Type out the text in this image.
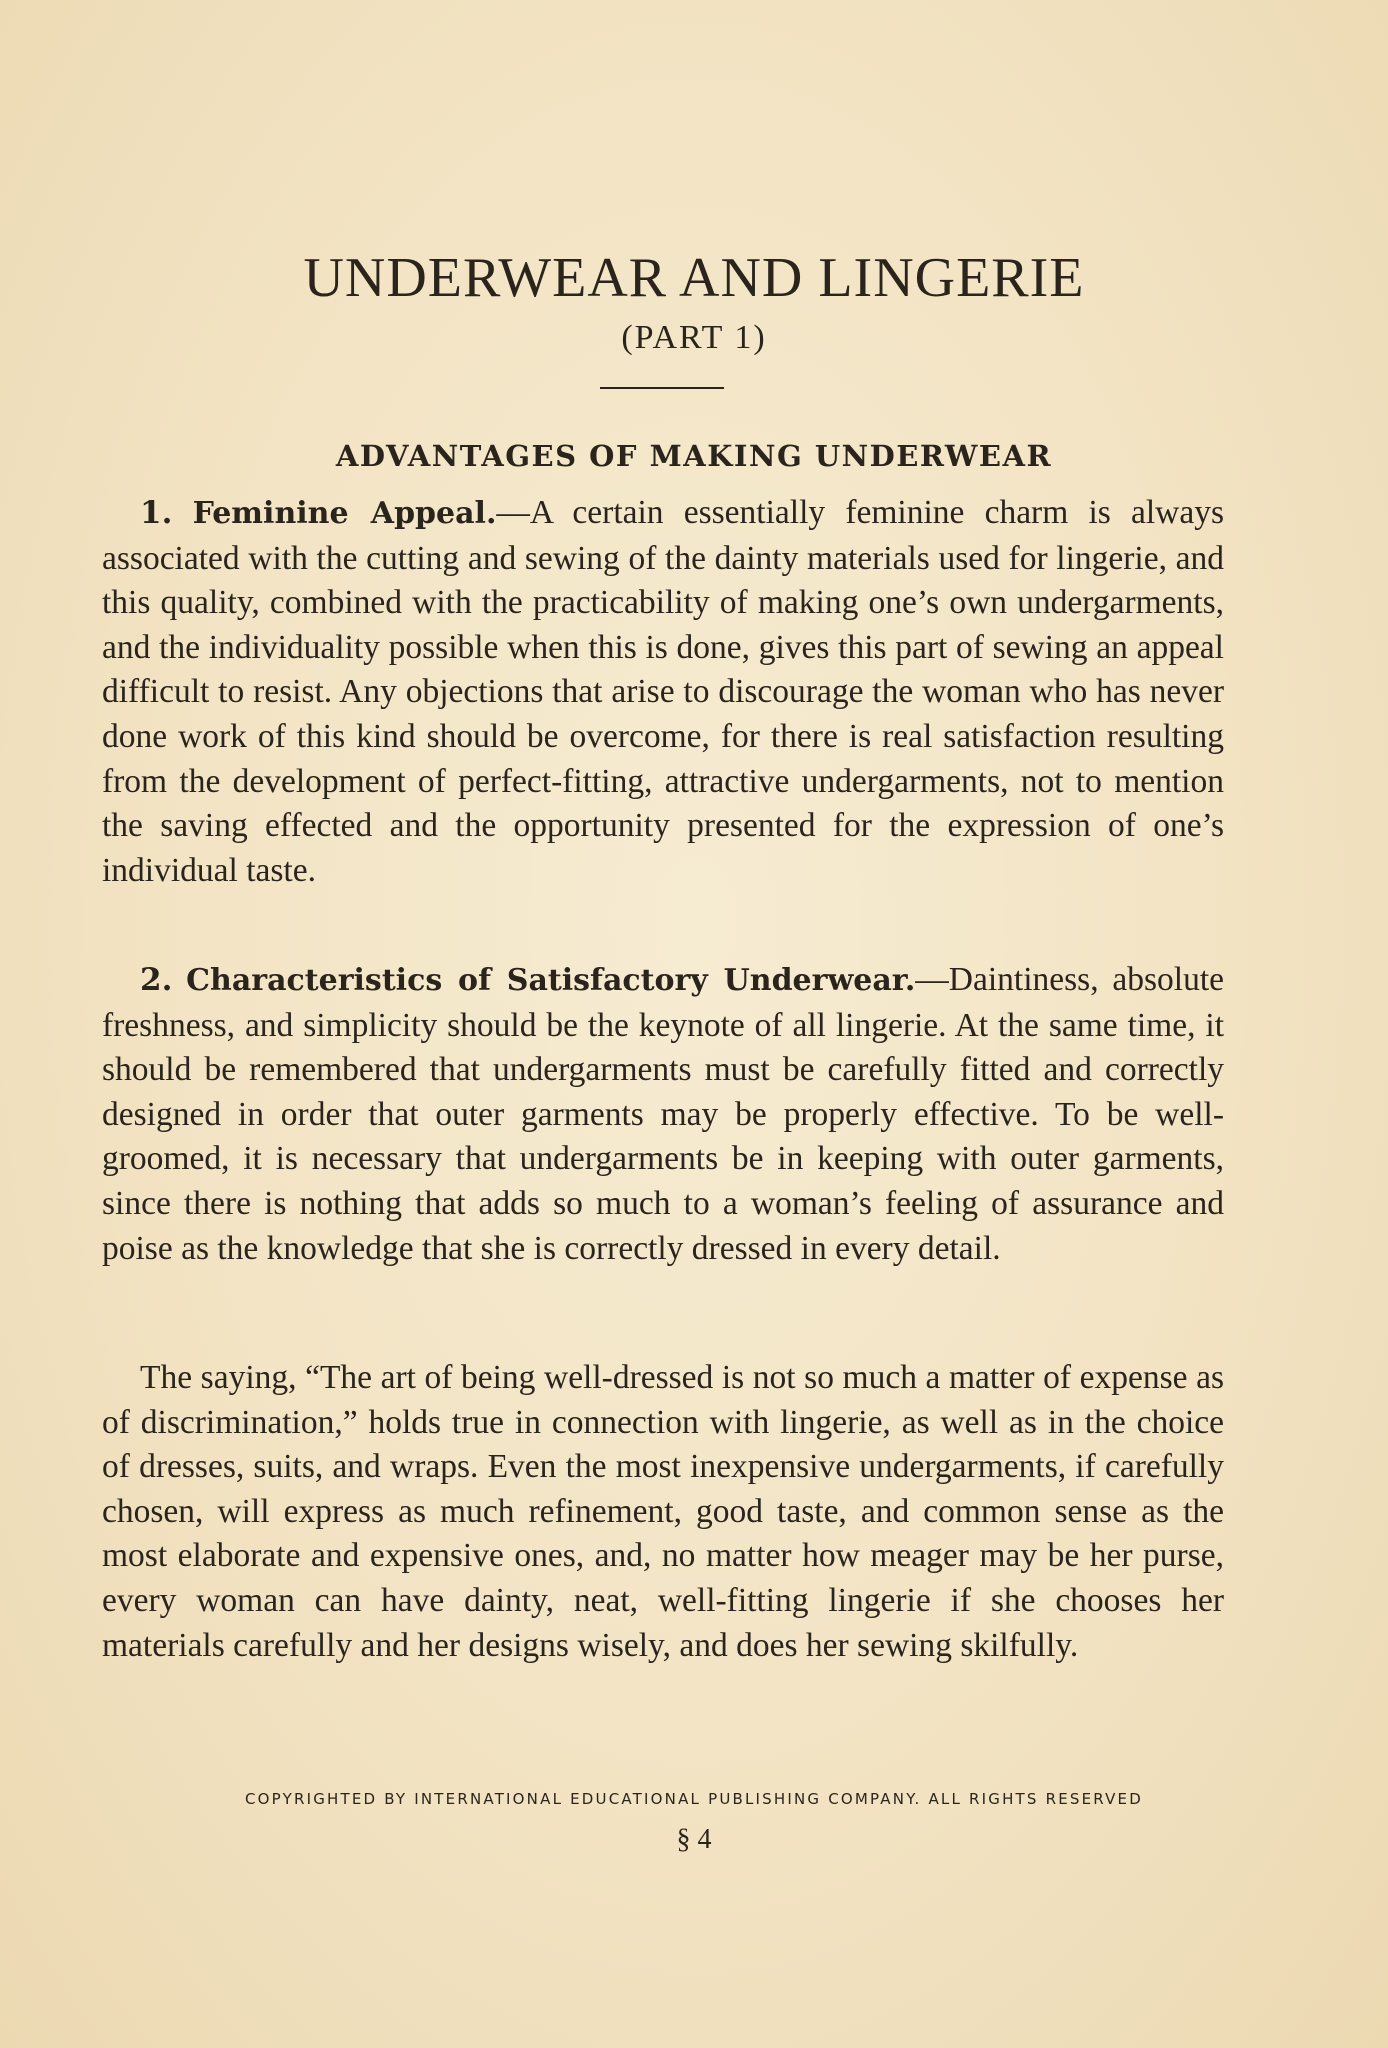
UNDERWEAR AND LINGERIE
(PART 1)
ADVANTAGES OF MAKING UNDERWEAR

1. Feminine Appeal.—A certain essentially feminine charm is always associated with the cutting and sewing of the dainty materials used for lingerie, and this quality, combined with the practicability of making one’s own undergarments, and the individuality possible when this is done, gives this part of sewing an appeal difficult to resist. Any objections that arise to discourage the woman who has never done work of this kind should be overcome, for there is real satisfaction resulting from the development of perfect-fitting, attractive undergarments, not to mention the saving effected and the opportunity presented for the expression of one’s individual taste.

2. Characteristics of Satisfactory Underwear.—Daintiness, absolute freshness, and simplicity should be the keynote of all lingerie. At the same time, it should be remembered that undergarments must be carefully fitted and correctly designed in order that outer garments may be properly effective. To be well-groomed, it is necessary that undergarments be in keeping with outer garments, since there is nothing that adds so much to a woman’s feeling of assurance and poise as the knowledge that she is correctly dressed in every detail.

The saying, “The art of being well-dressed is not so much a matter of expense as of discrimination,” holds true in connection with lingerie, as well as in the choice of dresses, suits, and wraps. Even the most inexpensive undergarments, if carefully chosen, will express as much refinement, good taste, and common sense as the most elaborate and expensive ones, and, no matter how meager may be her purse, every woman can have dainty, neat, well-fitting lingerie if she chooses her materials carefully and her designs wisely, and does her sewing skilfully.

COPYRIGHTED BY INTERNATIONAL EDUCATIONAL PUBLISHING COMPANY. ALL RIGHTS RESERVED
§ 4
